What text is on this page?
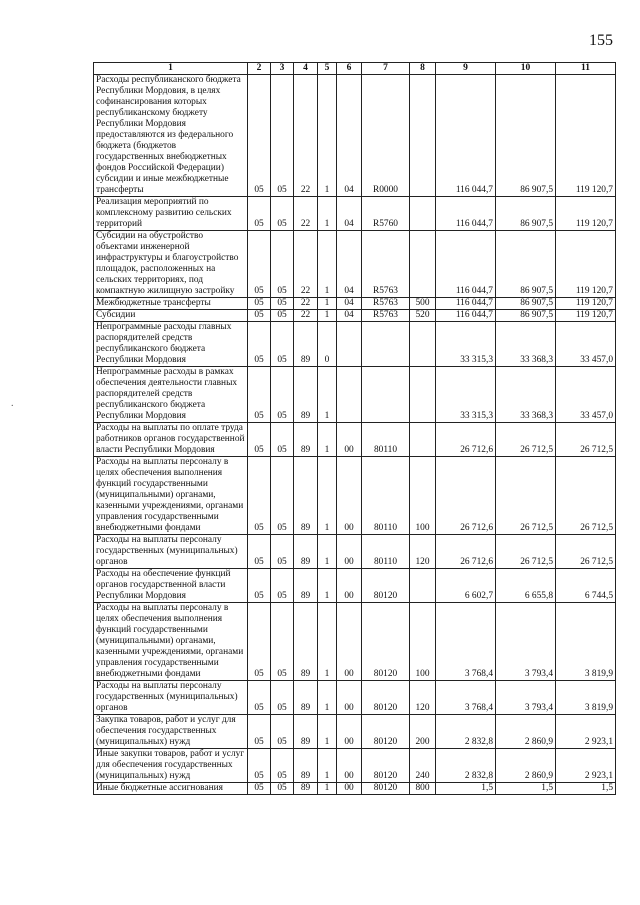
155
.
1	2	3	4	5	6	7	8	9	10	11
Расходы республиканского бюджета Республики Мордовия, в целях софинансирования которых республиканскому бюджету Республики Мордовия предоставляются из федерального бюджета (бюджетов государственных внебюджетных фондов Российской Федерации) субсидии и иные межбюджетные трансферты	05	05	22	1	04	R0000		116 044,7	86 907,5	119 120,7
Реализация мероприятий по комплексному развитию сельских территорий	05	05	22	1	04	R5760		116 044,7	86 907,5	119 120,7
Субсидии на обустройство объектами инженерной инфраструктуры и благоустройство площадок, расположенных на сельских территориях, под компактную жилищную застройку	05	05	22	1	04	R5763		116 044,7	86 907,5	119 120,7
Межбюджетные трансферты	05	05	22	1	04	R5763	500	116 044,7	86 907,5	119 120,7
Субсидии	05	05	22	1	04	R5763	520	116 044,7	86 907,5	119 120,7
Непрограммные расходы главных распорядителей средств республиканского бюджета Республики Мордовия	05	05	89	0				33 315,3	33 368,3	33 457,0
Непрограммные расходы в рамках обеспечения деятельности главных распорядителей средств республиканского бюджета Республики Мордовия	05	05	89	1				33 315,3	33 368,3	33 457,0
Расходы на выплаты по оплате труда работников органов государственной власти Республики Мордовия	05	05	89	1	00	80110		26 712,6	26 712,5	26 712,5
Расходы на выплаты персоналу в целях обеспечения выполнения функций государственными (муниципальными) органами, казенными учреждениями, органами управления государственными внебюджетными фондами	05	05	89	1	00	80110	100	26 712,6	26 712,5	26 712,5
Расходы на выплаты персоналу государственных (муниципальных) органов	05	05	89	1	00	80110	120	26 712,6	26 712,5	26 712,5
Расходы на обеспечение функций органов государственной власти Республики Мордовия	05	05	89	1	00	80120		6 602,7	6 655,8	6 744,5
Расходы на выплаты персоналу в целях обеспечения выполнения функций государственными (муниципальными) органами, казенными учреждениями, органами управления государственными внебюджетными фондами	05	05	89	1	00	80120	100	3 768,4	3 793,4	3 819,9
Расходы на выплаты персоналу государственных (муниципальных) органов	05	05	89	1	00	80120	120	3 768,4	3 793,4	3 819,9
Закупка товаров, работ и услуг для обеспечения государственных (муниципальных) нужд	05	05	89	1	00	80120	200	2 832,8	2 860,9	2 923,1
Иные закупки товаров, работ и услуг для обеспечения государственных (муниципальных) нужд	05	05	89	1	00	80120	240	2 832,8	2 860,9	2 923,1
Иные бюджетные ассигнования	05	05	89	1	00	80120	800	1,5	1,5	1,5
